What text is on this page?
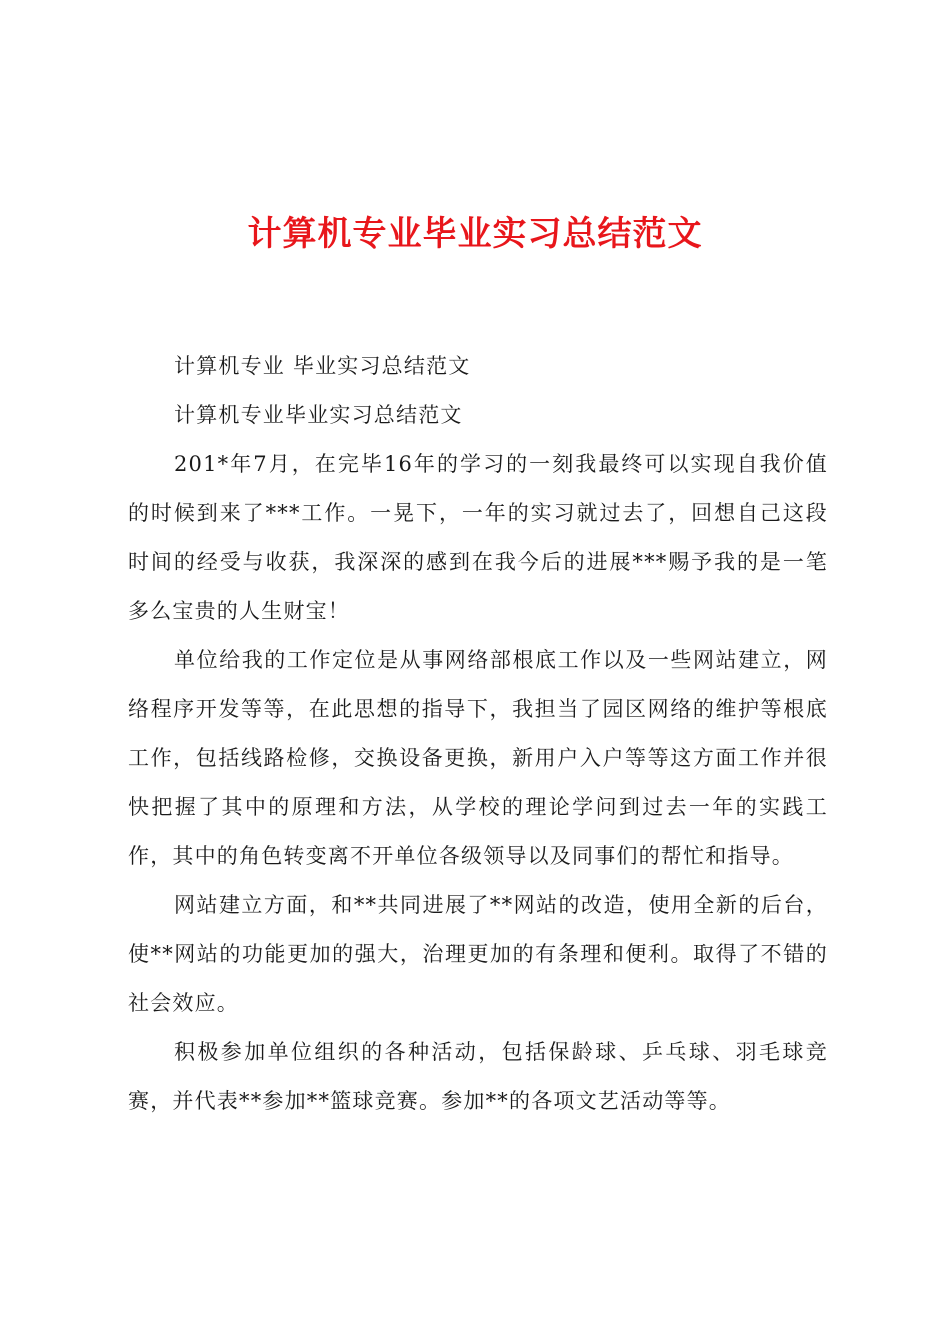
计算机专业毕业实习总结范文

计算机专业 毕业实习总结范文

计算机专业毕业实习总结范文

201*年7月，在完毕16年的学习的一刻我最终可以实现自我价值的时候到来了***工作。一晃下，一年的实习就过去了，回想自己这段时间的经受与收获，我深深的感到在我今后的进展***赐予我的是一笔多么宝贵的人生财宝！

单位给我的工作定位是从事网络部根底工作以及一些网站建立，网络程序开发等等，在此思想的指导下，我担当了园区网络的维护等根底工作，包括线路检修，交换设备更换，新用户入户等等这方面工作并很快把握了其中的原理和方法，从学校的理论学问到过去一年的实践工作，其中的角色转变离不开单位各级领导以及同事们的帮忙和指导。

网站建立方面，和**共同进展了**网站的改造，使用全新的后台，使**网站的功能更加的强大，治理更加的有条理和便利。取得了不错的社会效应。

积极参加单位组织的各种活动，包括保龄球、乒乓球、羽毛球竞赛，并代表**参加**篮球竞赛。参加**的各项文艺活动等等。
